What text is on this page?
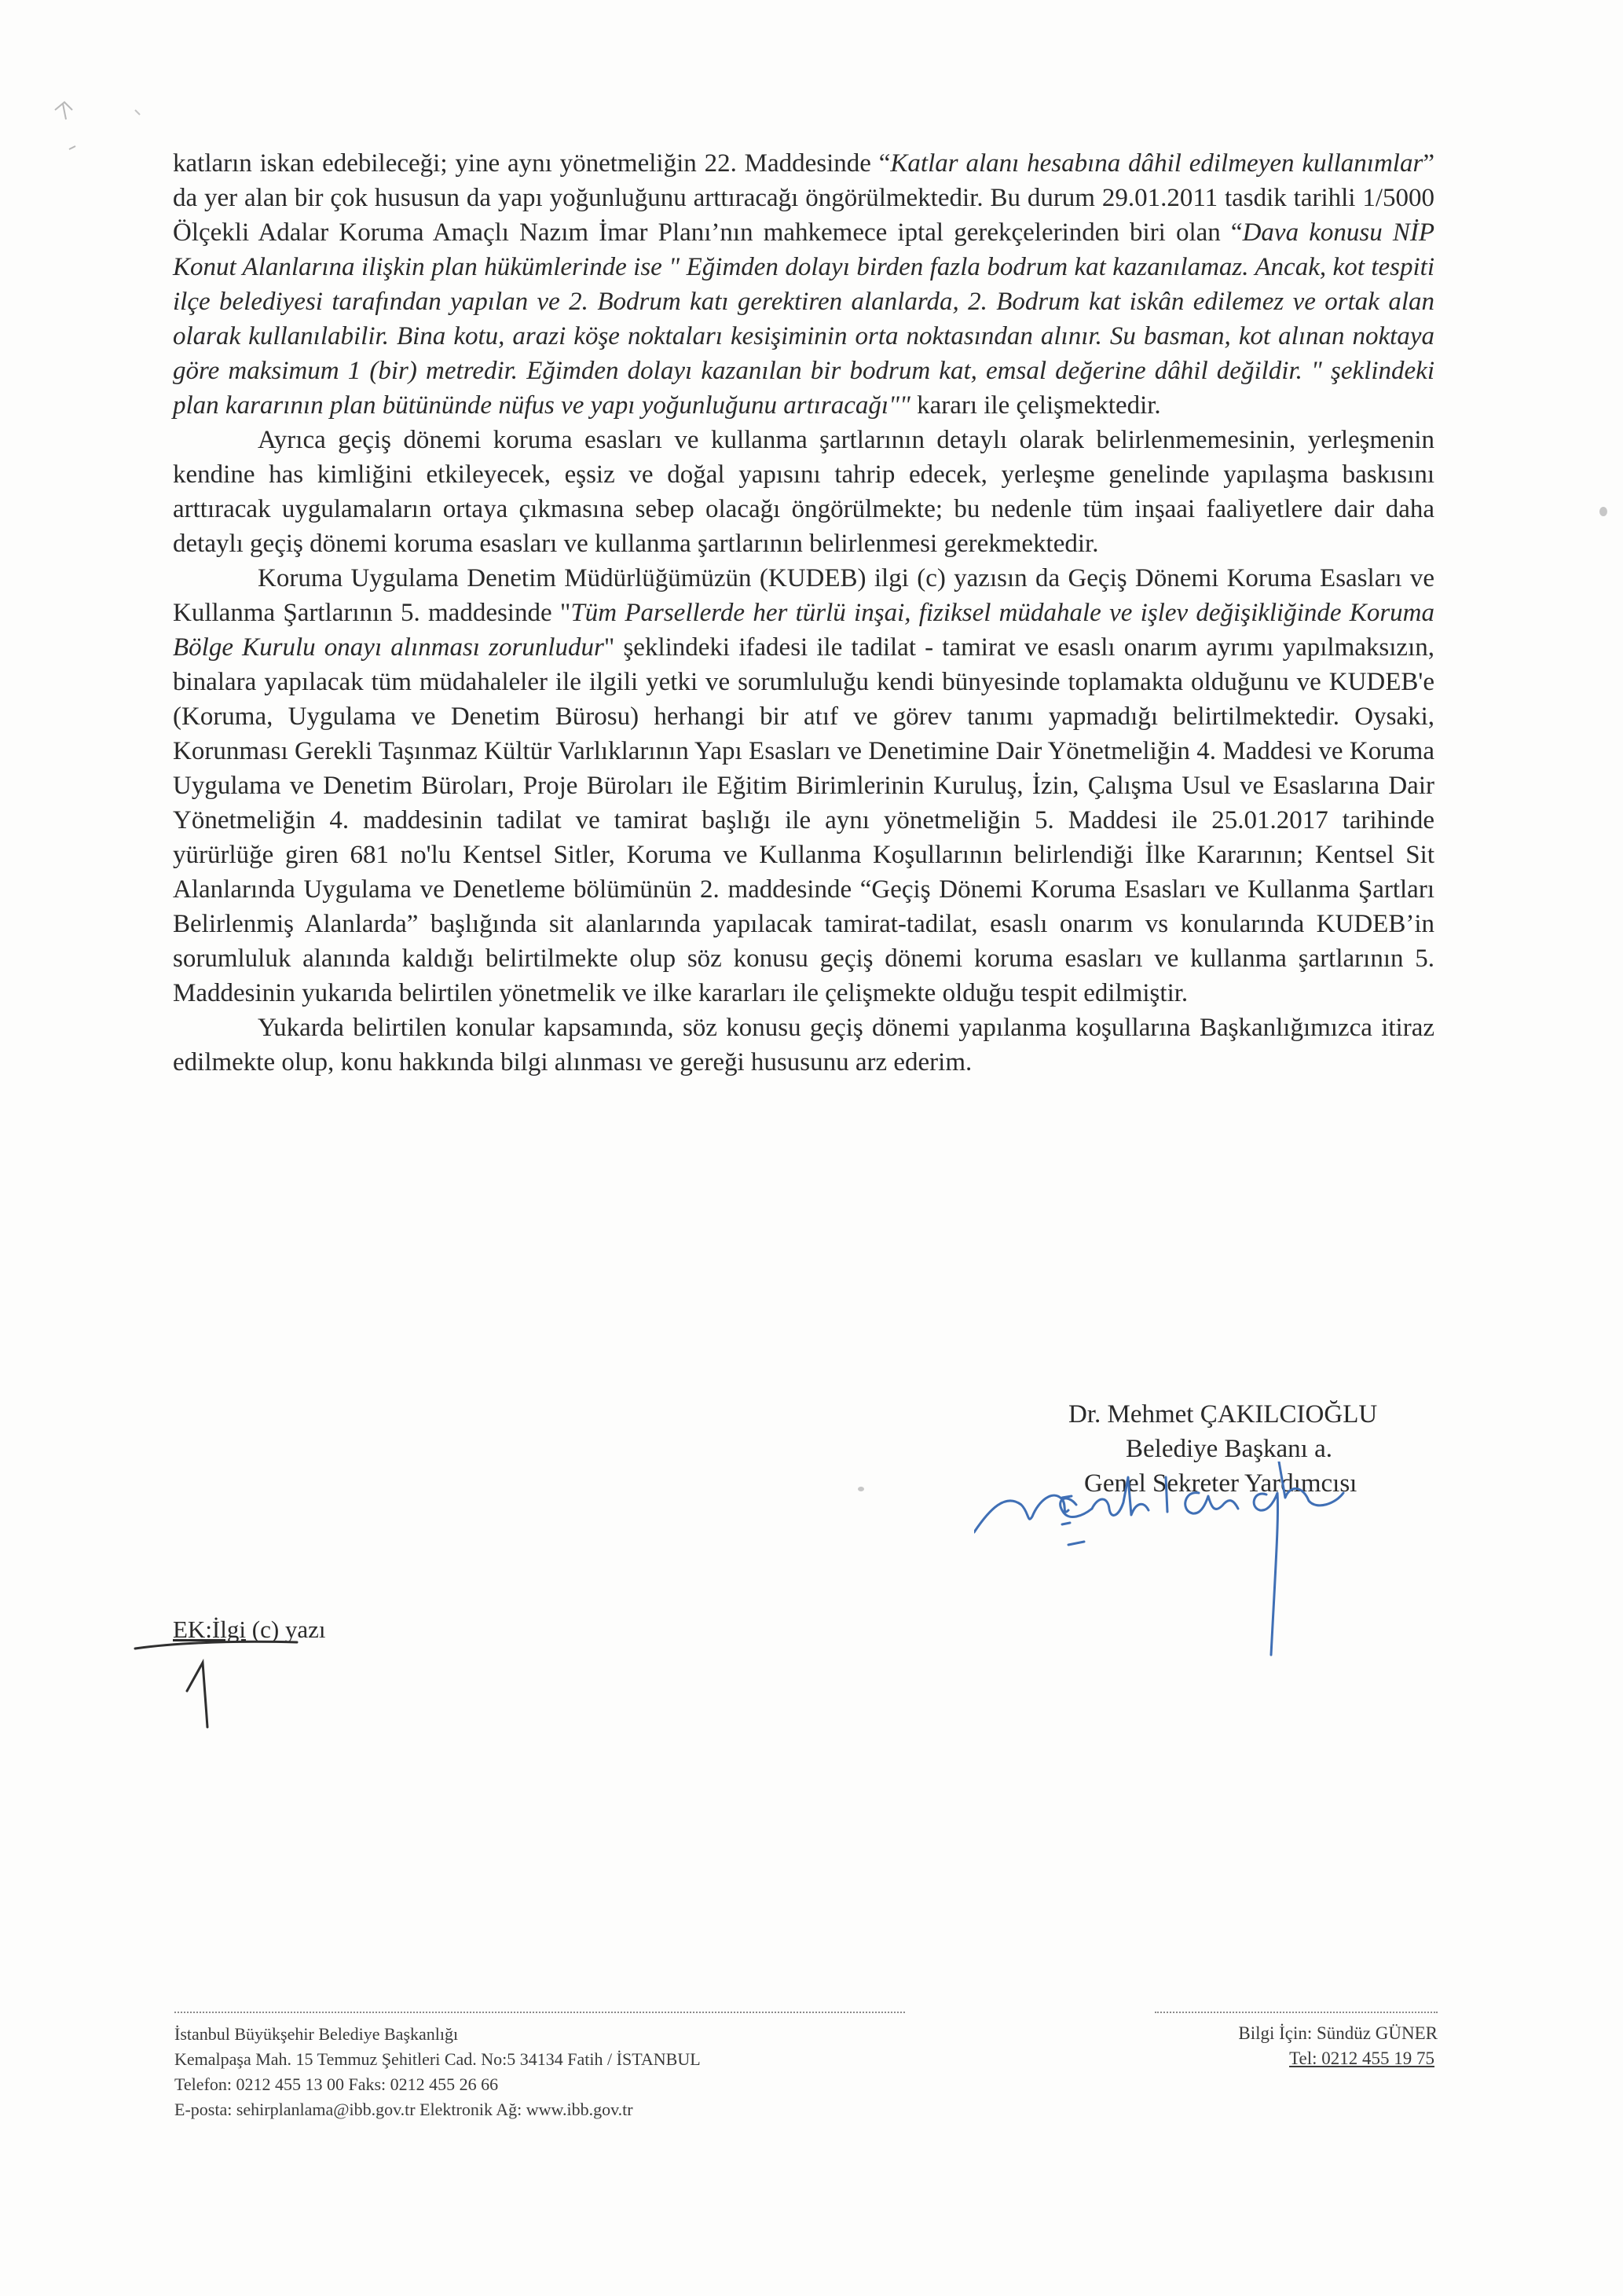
katların iskan edebileceği; yine aynı yönetmeliğin 22. Maddesinde “Katlar alanı hesabına dâhil edilmeyen kullanımlar” da yer alan bir çok hususun da yapı yoğunluğunu arttıracağı öngörülmektedir. Bu durum 29.01.2011 tasdik tarihli 1/5000 Ölçekli Adalar Koruma Amaçlı Nazım İmar Planı’nın mahkemece iptal gerekçelerinden biri olan “Dava konusu NİP Konut Alanlarına ilişkin plan hükümlerinde ise " Eğimden dolayı birden fazla bodrum kat kazanılamaz. Ancak, kot tespiti ilçe belediyesi tarafından yapılan ve 2. Bodrum katı gerektiren alanlarda, 2. Bodrum kat iskân edilemez ve ortak alan olarak kullanılabilir. Bina kotu, arazi köşe noktaları kesişiminin orta noktasından alınır. Su basman, kot alınan noktaya göre maksimum 1 (bir) metredir. Eğimden dolayı kazanılan bir bodrum kat, emsal değerine dâhil değildir. " şeklindeki plan kararının plan bütününde nüfus ve yapı yoğunluğunu artıracağı"" kararı ile çelişmektedir.

Ayrıca geçiş dönemi koruma esasları ve kullanma şartlarının detaylı olarak belirlenmemesinin, yerleşmenin kendine has kimliğini etkileyecek, eşsiz ve doğal yapısını tahrip edecek, yerleşme genelinde yapılaşma baskısını arttıracak uygulamaların ortaya çıkmasına sebep olacağı öngörülmekte; bu nedenle tüm inşaai faaliyetlere dair daha detaylı geçiş dönemi koruma esasları ve kullanma şartlarının belirlenmesi gerekmektedir.

Koruma Uygulama Denetim Müdürlüğümüzün (KUDEB) ilgi (c) yazısın da Geçiş Dönemi Koruma Esasları ve Kullanma Şartlarının 5. maddesinde "Tüm Parsellerde her türlü inşai, fiziksel müdahale ve işlev değişikliğinde Koruma Bölge Kurulu onayı alınması zorunludur" şeklindeki ifadesi ile tadilat - tamirat ve esaslı onarım ayrımı yapılmaksızın, binalara yapılacak tüm müdahaleler ile ilgili yetki ve sorumluluğu kendi bünyesinde toplamakta olduğunu ve KUDEB'e (Koruma, Uygulama ve Denetim Bürosu) herhangi bir atıf ve görev tanımı yapmadığı belirtilmektedir. Oysaki, Korunması Gerekli Taşınmaz Kültür Varlıklarının Yapı Esasları ve Denetimine Dair Yönetmeliğin 4. Maddesi ve Koruma Uygulama ve Denetim Büroları, Proje Büroları ile Eğitim Birimlerinin Kuruluş, İzin, Çalışma Usul ve Esaslarına Dair Yönetmeliğin 4. maddesinin tadilat ve tamirat başlığı ile aynı yönetmeliğin 5. Maddesi ile 25.01.2017 tarihinde yürürlüğe giren 681 no'lu Kentsel Sitler, Koruma ve Kullanma Koşullarının belirlendiği İlke Kararının; Kentsel Sit Alanlarında Uygulama ve Denetleme bölümünün 2. maddesinde “Geçiş Dönemi Koruma Esasları ve Kullanma Şartları Belirlenmiş Alanlarda” başlığında sit alanlarında yapılacak tamirat-tadilat, esaslı onarım vs konularında KUDEB’in sorumluluk alanında kaldığı belirtilmekte olup söz konusu geçiş dönemi koruma esasları ve kullanma şartlarının 5. Maddesinin yukarıda belirtilen yönetmelik ve ilke kararları ile çelişmekte olduğu tespit edilmiştir.

Yukarda belirtilen konular kapsamında, söz konusu geçiş dönemi yapılanma koşullarına Başkanlığımızca itiraz edilmekte olup, konu hakkında bilgi alınması ve gereği hususunu arz ederim.

Dr. Mehmet ÇAKILCIOĞLU
Belediye Başkanı a.
Genel Sekreter Yardımcısı
EK:İlgi (c) yazı
İstanbul Büyükşehir Belediye Başkanlığı
Kemalpaşa Mah. 15 Temmuz Şehitleri Cad. No:5 34134 Fatih / İSTANBUL
Telefon: 0212 455 13 00 Faks: 0212 455 26 66
E-posta: sehirplanlama@ibb.gov.tr Elektronik Ağ: www.ibb.gov.tr
Bilgi İçin: Sündüz GÜNER
Tel: 0212 455 19 75
